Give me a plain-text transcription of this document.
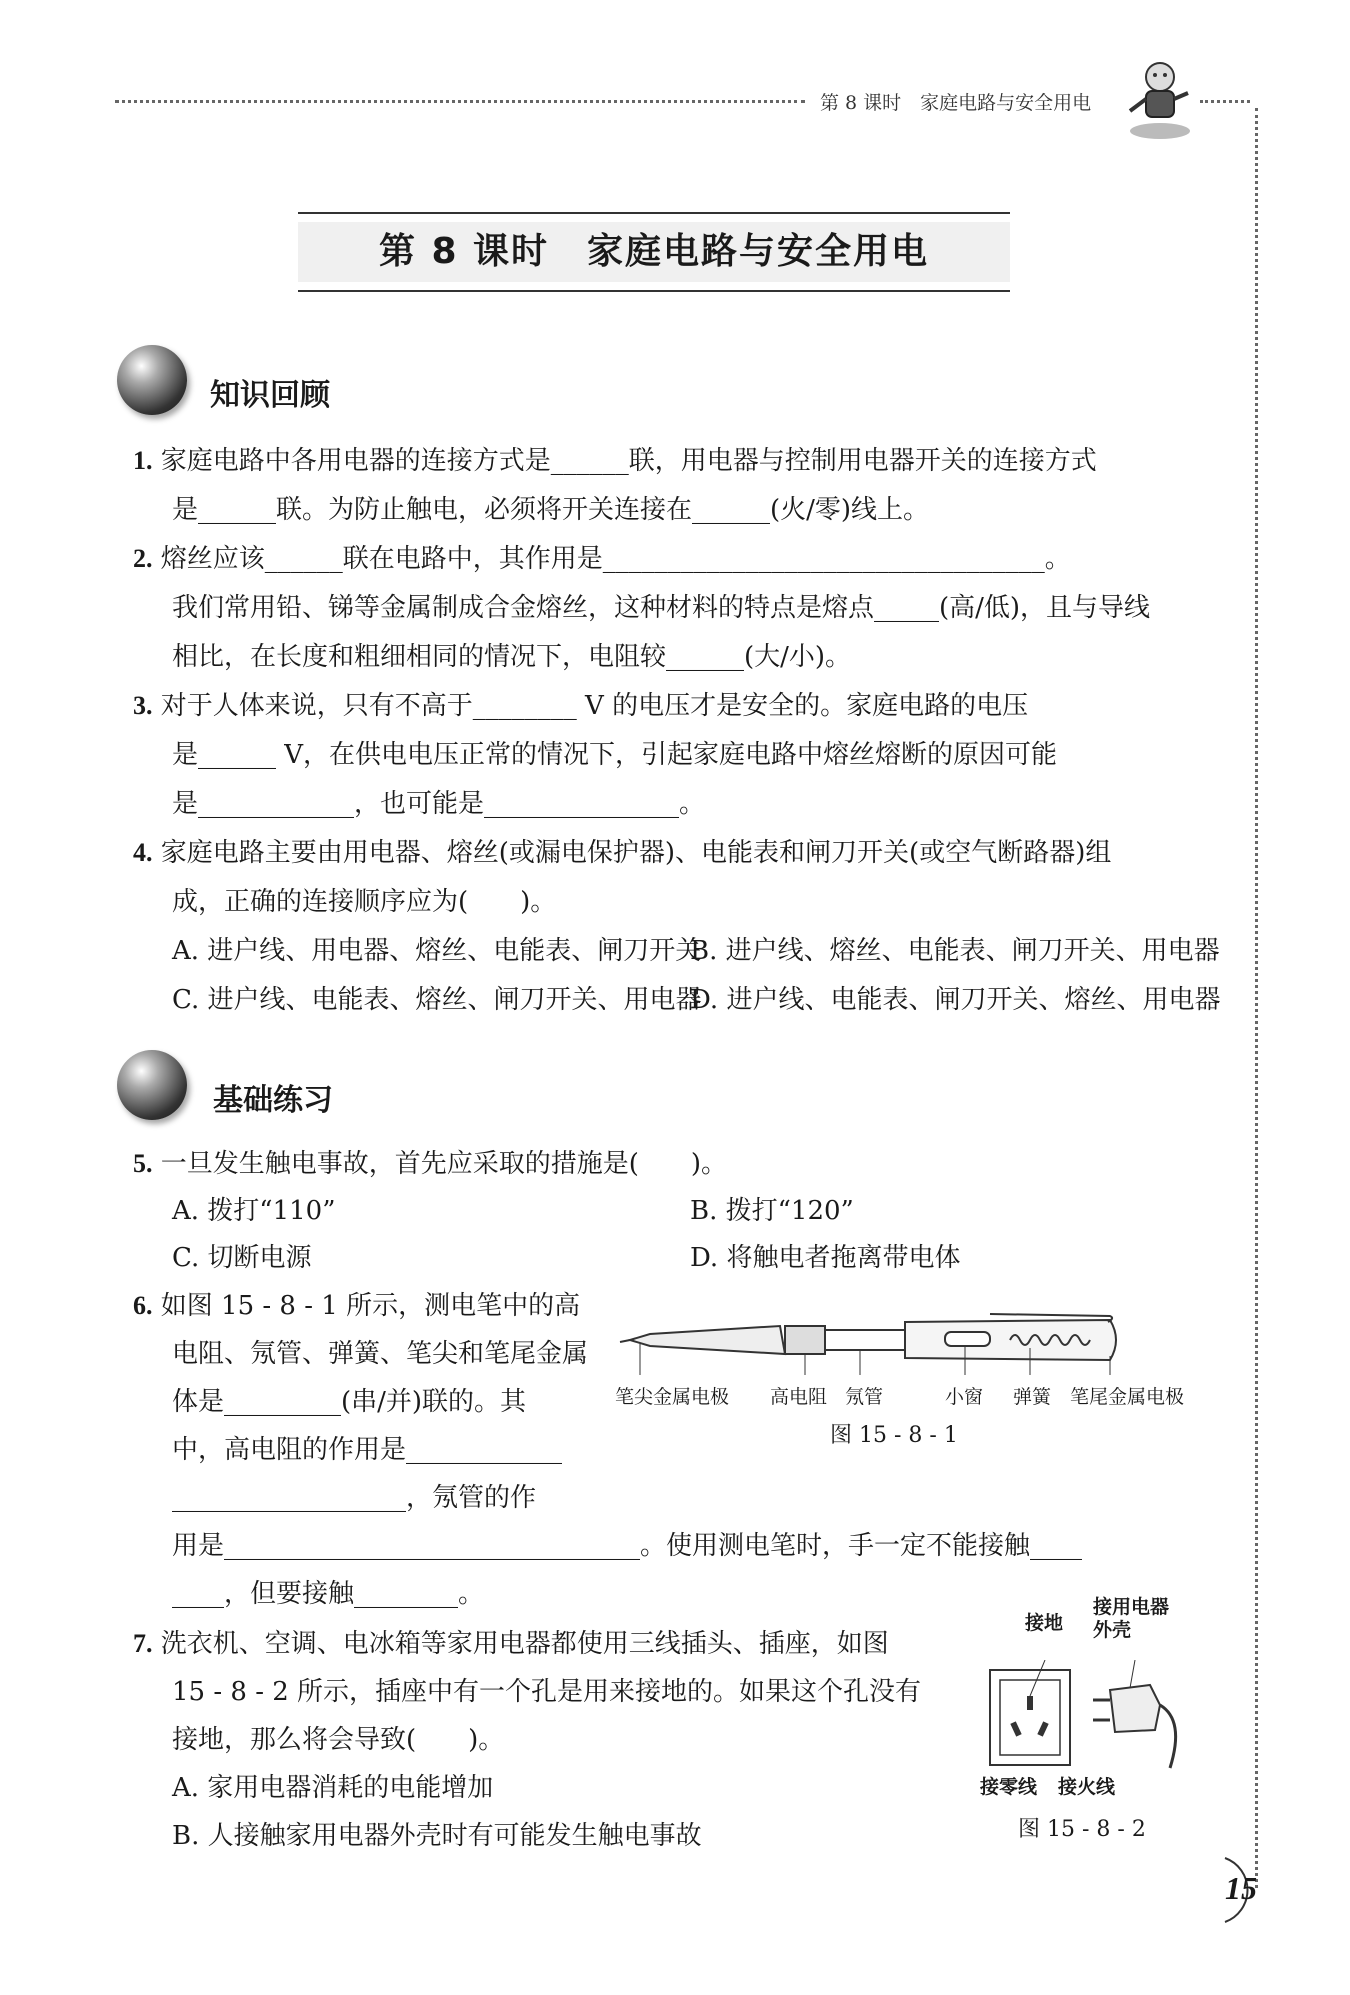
第 8 课时　家庭电路与安全用电
第 8 课时　家庭电路与安全用电
知识回顾
1. 家庭电路中各用电器的连接方式是______联，用电器与控制用电器开关的连接方式
是______联。为防止触电，必须将开关连接在______(火/零)线上。
2. 熔丝应该______联在电路中，其作用是__________________________________。
我们常用铅、锑等金属制成合金熔丝，这种材料的特点是熔点_____(高/低)，且与导线
相比，在长度和粗细相同的情况下，电阻较______(大/小)。
3. 对于人体来说，只有不高于________ V 的电压才是安全的。家庭电路的电压
是______ V，在供电电压正常的情况下，引起家庭电路中熔丝熔断的原因可能
是____________，也可能是_______________。
4. 家庭电路主要由用电器、熔丝(或漏电保护器)、电能表和闸刀开关(或空气断路器)组
成，正确的连接顺序应为(　　)。
A. 进户线、用电器、熔丝、电能表、闸刀开关
B. 进户线、熔丝、电能表、闸刀开关、用电器
C. 进户线、电能表、熔丝、闸刀开关、用电器
D. 进户线、电能表、闸刀开关、熔丝、用电器
基础练习
5. 一旦发生触电事故，首先应采取的措施是(　　)。
A. 拨打“110”	B. 拨打“120”
C. 切断电源	D. 将触电者拖离带电体
6. 如图 15 - 8 - 1 所示，测电笔中的高
电阻、氖管、弹簧、笔尖和笔尾金属
体是_________(串/并)联的。其
中，高电阻的作用是____________
__________________，氖管的作
用是________________________________。使用测电笔时，手一定不能接触____
____，但要接触________。
笔尖金属电极 高电阻 氖管	小窗 弹簧 笔尾金属电极
图 15 - 8 - 1
7. 洗衣机、空调、电冰箱等家用电器都使用三线插头、插座，如图
15 - 8 - 2 所示，插座中有一个孔是用来接地的。如果这个孔没有
接地，那么将会导致(　　)。
A. 家用电器消耗的电能增加
B. 人接触家用电器外壳时有可能发生触电事故
接地
接用电器
外壳
接零线 接火线
图 15 - 8 - 2
15
